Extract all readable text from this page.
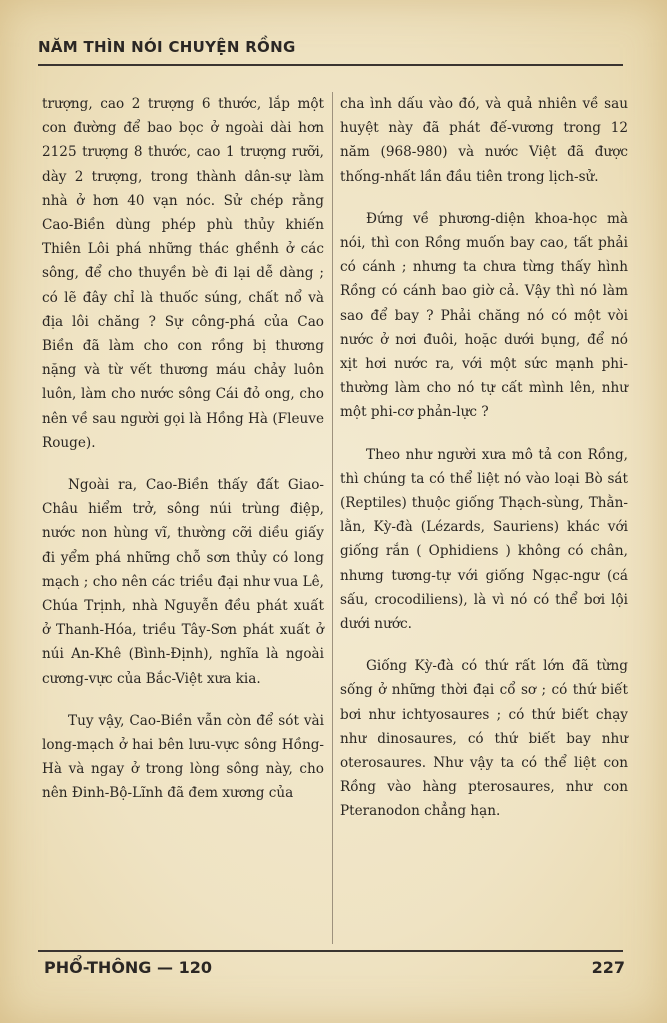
NĂM THÌN NÓI CHUYỆN RỒNG

trượng, cao 2 trượng 6 thước, lắp một con đường để bao bọc ở ngoài dài hơn 2125 trượng 8 thước, cao 1 trượng rưỡi, dày 2 trượng, trong thành dân-sự làm nhà ở hơn 40 vạn nóc. Sử chép rằng Cao-Biền dùng phép phù thủy khiến Thiên Lôi phá những thác ghềnh ở các sông, để cho thuyền bè đi lại dễ dàng ; có lẽ đây chỉ là thuốc súng, chất nổ và địa lôi chăng ? Sự công-phá của Cao Biền đã làm cho con rồng bị thương nặng và từ vết thương máu chảy luôn luôn, làm cho nước sông Cái đỏ ong, cho nên về sau người gọi là Hồng Hà (Fleuve Rouge).

Ngoài ra, Cao-Biền thấy đất Giao-Châu hiểm trở, sông núi trùng điệp, nước non hùng vĩ, thường cỡi diều giấy đi yểm phá những chỗ sơn thủy có long mạch ; cho nên các triều đại như vua Lê, Chúa Trịnh, nhà Nguyễn đều phát xuất ở Thanh-Hóa, triều Tây-Sơn phát xuất ở núi An-Khê (Bình-Định), nghĩa là ngoài cương-vực của Bắc-Việt xưa kia.

Tuy vậy, Cao-Biền vẫn còn để sót vài long-mạch ở hai bên lưu-vực sông Hồng-Hà và ngay ở trong lòng sông này, cho nên Đinh-Bộ-Lĩnh đã đem xương của

cha ình dấu vào đó, và quả nhiên về sau huyệt này đã phát đế-vương trong 12 năm (968-980) và nước Việt đã được thống-nhất lần đầu tiên trong lịch-sử.

Đứng về phương-diện khoa-học mà nói, thì con Rồng muốn bay cao, tất phải có cánh ; nhưng ta chưa từng thấy hình Rồng có cánh bao giờ cả. Vậy thì nó làm sao để bay ? Phải chăng nó có một vòi nước ở nơi đuôi, hoặc dưới bụng, để nó xịt hơi nước ra, với một sức mạnh phi-thường làm cho nó tự cất mình lên, như một phi-cơ phản-lực ?

Theo như người xưa mô tả con Rồng, thì chúng ta có thể liệt nó vào loại Bò sát (Reptiles) thuộc giống Thạch-sùng, Thằn-lằn, Kỳ-đà (Lézards, Sauriens) khác với giống rắn ( Ophidiens ) không có chân, nhưng tương-tự với giống Ngạc-ngư (cá sấu, crocodiliens), là vì nó có thể bơi lội dưới nước.

Giống Kỳ-đà có thứ rất lớn đã từng sống ở những thời đại cổ sơ ; có thứ biết bơi như ichtyosaures ; có thứ biết chạy như dinosaures, có thứ biết bay như oterosaures. Như vậy ta có thể liệt con Rồng vào hàng pterosaures, như con Pteranodon chẳng hạn.

PHỔ-THÔNG — 120	227
